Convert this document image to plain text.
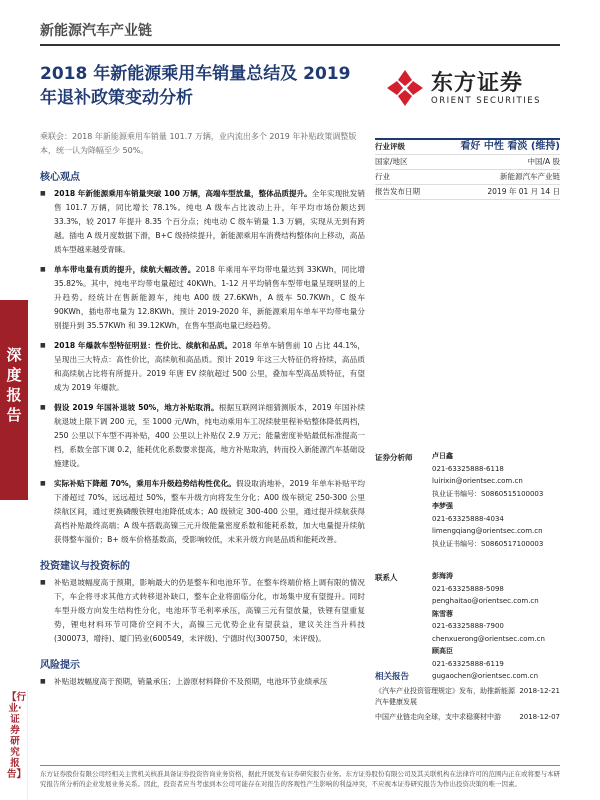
新能源汽车产业链
2018 年新能源乘用车销量总结及 2019 年退补政策变动分析
东方证券
ORIENT SECURITIES
深度报告
【行业·证券研究报告】
乘联会：2018 年新能源乘用车销量 101.7 万辆，业内流出多个 2019 年补贴政策调整版本，统一认为降幅至少 50%。
核心观点
■ 2018 年新能源乘用车销量突破 100 万辆，高端车型放量，整体品质提升。全年实现批发销售 101.7 万辆，同比增长 78.1%。纯电 A 级车占比波动上升，年平均市场份额达到 33.3%，较 2017 年提升 8.35 个百分点；纯电动 C 级车销量 1.3 万辆，实现从无到有跨越。插电 A 级月度数据下滑，B+C 级持续提升，新能源乘用车消费结构整体向上移动，高品质车型越来越受青睐。
■ 单车带电量有质的提升，续航大幅改善。2018 年乘用车平均带电量达到 33KWh，同比增 35.82%。其中，纯电平均带电量超过 40KWh。1-12 月平均销售车型带电量呈现明显的上升趋势。经统计在售新能源车，纯电 A00 级 27.6KWh，A 级车 50.7KWh，C 级车 90KWh，插电带电量为 12.8KWh。预计 2019-2020 年，新能源乘用车单车平均带电量分别提升到 35.57KWh 和 39.12KWh，在售车型高电量已经趋势。
■ 2018 年爆款车型特征明显：性价比、续航和品质。2018 年单车销售前 10 占比 44.1%，呈现出三大特点：高性价比，高续航和高品质。预计 2019 年这三大特征仍将持续，高品质和高续航占比将有所提升。2019 年唐 EV 续航超过 500 公里，叠加车型高品质特征，有望成为 2019 年爆款。
■ 假设 2019 年国补退坡 50%，地方补贴取消。根据互联网详细猜测版本，2019 年国补续航退坡上限下调 200 元，至 1000 元/Wh，纯电动乘用车工况续驶里程补贴整体降低两档，250 公里以下车型不再补贴，400 公里以上补贴仅 2.9 万元；能量密度补贴最低标准提高一档，系数全部下调 0.2，能耗优化系数要求提高，地方补贴取消，转而投入新能源汽车基础设施建设。
■ 实际补贴下降超 70%，乘用车升级趋势结构性优化。假设取消地补，2019 年单车补贴平均下滑超过 70%，远远超过 50%，整车升级方向将发生分化；A00 级车锁定 250-300 公里续航区间，通过更换磷酸铁锂电池降低成本；A0 级锁定 300-400 公里，通过提升续航获得高档补贴最终高端；A 级车搭载高镍三元升级能量密度系数和能耗系数，加大电量提升续航获得整车溢价；B+ 级车价格基数高，受影响较低，未来升级方向是品质和能耗改善。
投资建议与投资标的
■ 补贴退坡幅度高于预期，影响最大的仍是整车和电池环节。在整车终端价格上调有限的情况下，车企将寻求其他方式转移退补缺口，整车企业将面临分化，市场集中度有望提升。同时车型升级方向发生结构性分化，电池环节毛利率承压，高镍三元有望放量，铁锂有望重复势，锂电材料环节可降价空间不大，高镍三元优势企业有望获益，建议关注当升科技(300073，增持)、厦门钨业(600549，未评级)、宁德时代(300750，未评级)。
风险提示
■ 补贴退坡幅度高于预期，销量承压；上游原材料降价不及预期，电池环节业绩承压
行业评级	看好 中性 看淡 (维持)
国家/地区	中国/A 股
行业	新能源汽车产业链
报告发布日期	2019 年 01 月 14 日
证券分析师	卢日鑫
021-63325888-6118
luirixin@orientsec.com.cn
执业证书编号：S0860515100003
李梦强
021-63325888-4034
limengqiang@orientsec.com.cn
执业证书编号：S0860517100003
联系人	彭海涛
021-63325888-5098
penghaitao@orientsec.com.cn
陈雪蓉
021-63325888-7900
chenxuerong@orientsec.com.cn
顾高臣
021-63325888-6119
gugaochen@orientsec.com.cn
相关报告
《汽车产业投资管理规定》发布，助推新能源汽车健康发展
2018-12-21
中国产业链走向全球，支中求稳赛材中游	2018-12-07
东方证券股份有限公司经相关主管机关核准具备证券投资咨询业务资格，据此开展发布证券研究报告业务。东方证券股份有限公司及其关联机构在法律许可的范围内正在或将要与本研究报告所分析的企业发展业务关系。因此，投资者应当考虑到本公司可能存在对报告的客观性产生影响的利益冲突，不应视本证券研究报告为作出投资决策的唯一因素。
